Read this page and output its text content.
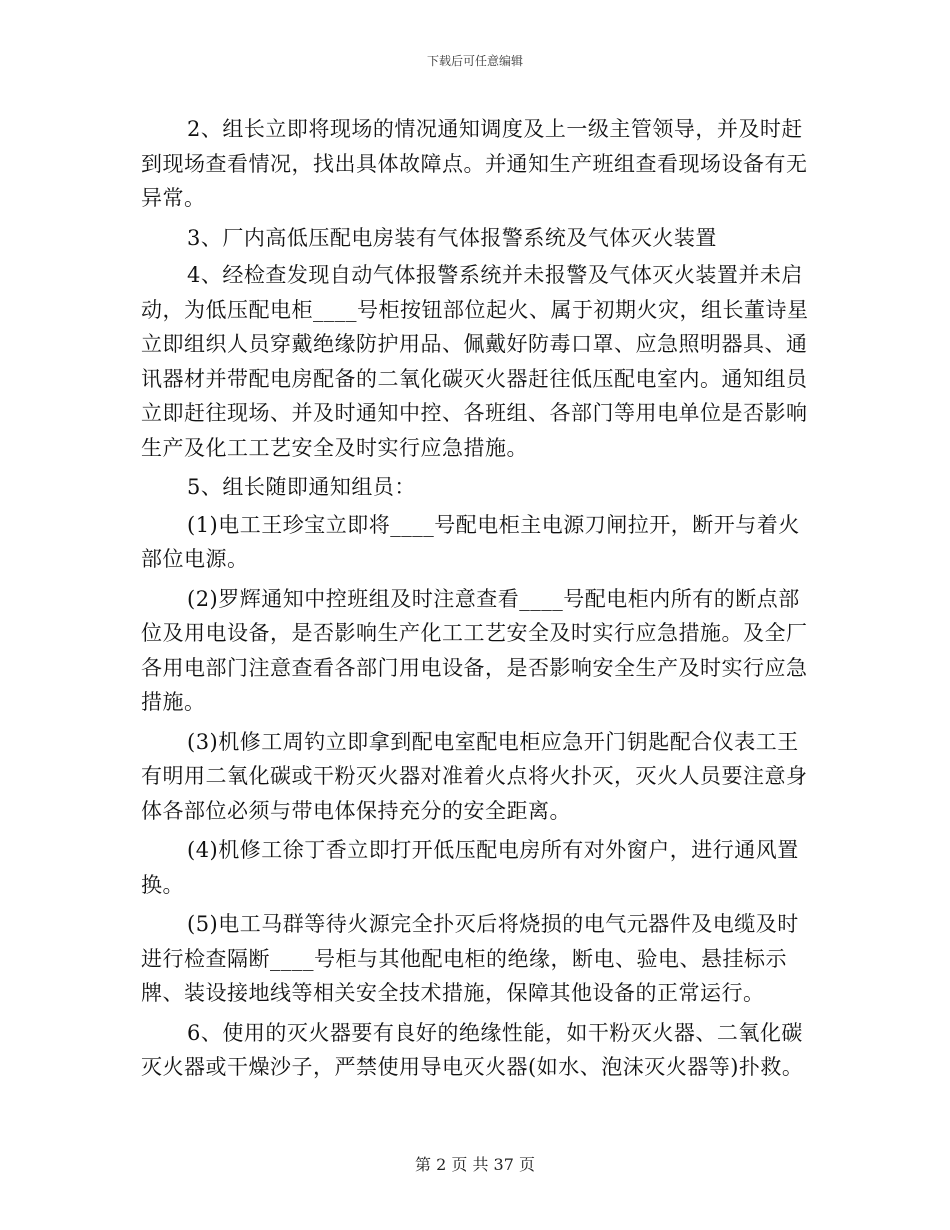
下载后可任意编辑

2、组长立即将现场的情况通知调度及上一级主管领导，并及时赶到现场查看情况，找出具体故障点。并通知生产班组查看现场设备有无异常。

3、厂内高低压配电房装有气体报警系统及气体灭火装置

4、经检查发现自动气体报警系统并未报警及气体灭火装置并未启动，为低压配电柜____号柜按钮部位起火、属于初期火灾，组长董诗星立即组织人员穿戴绝缘防护用品、佩戴好防毒口罩、应急照明器具、通讯器材并带配电房配备的二氧化碳灭火器赶往低压配电室内。通知组员立即赶往现场、并及时通知中控、各班组、各部门等用电单位是否影响生产及化工工艺安全及时实行应急措施。

5、组长随即通知组员：

(1)电工王珍宝立即将____号配电柜主电源刀闸拉开，断开与着火部位电源。

(2)罗辉通知中控班组及时注意查看____号配电柜内所有的断点部位及用电设备，是否影响生产化工工艺安全及时实行应急措施。及全厂各用电部门注意查看各部门用电设备，是否影响安全生产及时实行应急措施。

(3)机修工周钓立即拿到配电室配电柜应急开门钥匙配合仪表工王有明用二氧化碳或干粉灭火器对准着火点将火扑灭，灭火人员要注意身体各部位必须与带电体保持充分的安全距离。

(4)机修工徐丁香立即打开低压配电房所有对外窗户，进行通风置换。

(5)电工马群等待火源完全扑灭后将烧损的电气元器件及电缆及时进行检查隔断____号柜与其他配电柜的绝缘，断电、验电、悬挂标示牌、装设接地线等相关安全技术措施，保障其他设备的正常运行。

6、使用的灭火器要有良好的绝缘性能，如干粉灭火器、二氧化碳灭火器或干燥沙子，严禁使用导电灭火器(如水、泡沫灭火器等)扑救。

第 2 页 共 37 页
